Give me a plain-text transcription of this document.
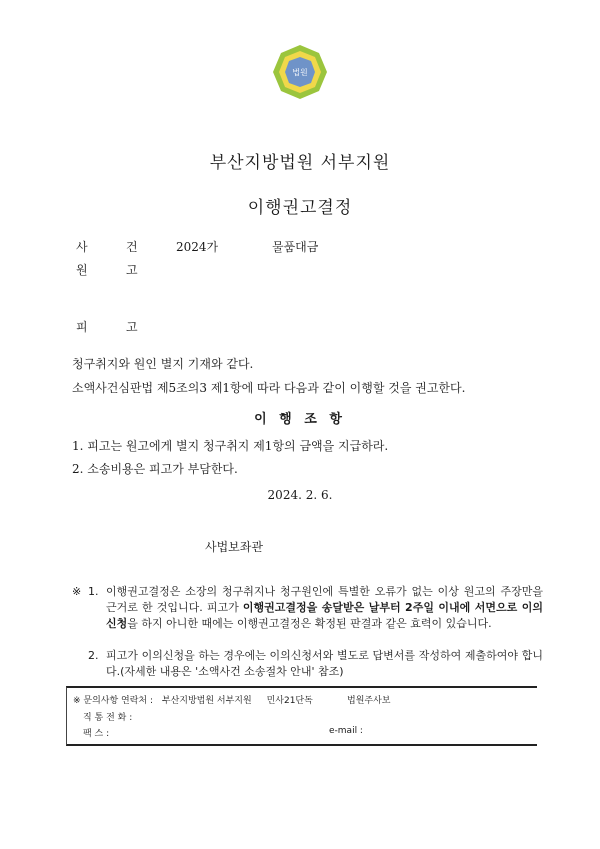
법원
부산지방법원 서부지원
이행권고결정
사	건	2024가	물품대금
원	고
피	고
청구취지와 원인 별지 기재와 같다.
소액사건심판법 제5조의3 제1항에 따라 다음과 같이 이행할 것을 권고한다.
이 행 조 항
1. 피고는 원고에게 별지 청구취지 제1항의 금액을 지급하라.
2. 소송비용은 피고가 부담한다.
2024. 2. 6.
사법보좌관
※ 1. 이행권고결정은 소장의 청구취지나 청구원인에 특별한 오류가 없는 이상 원고의 주장만을 근거로 한 것입니다. 피고가 이행권고결정을 송달받은 날부터 2주일 이내에 서면으로 이의신청을 하지 아니한 때에는 이행권고결정은 확정된 판결과 같은 효력이 있습니다.
2. 피고가 이의신청을 하는 경우에는 이의신청서와 별도로 답변서를 작성하여 제출하여야 합니다.(자세한 내용은 '소액사건 소송절차 안내' 참조)
※ 문의사항 연락처 : 부산지방법원 서부지원 민사21단독	법원주사보
직 통 전 화 :
팩 스 :	e-mail :
